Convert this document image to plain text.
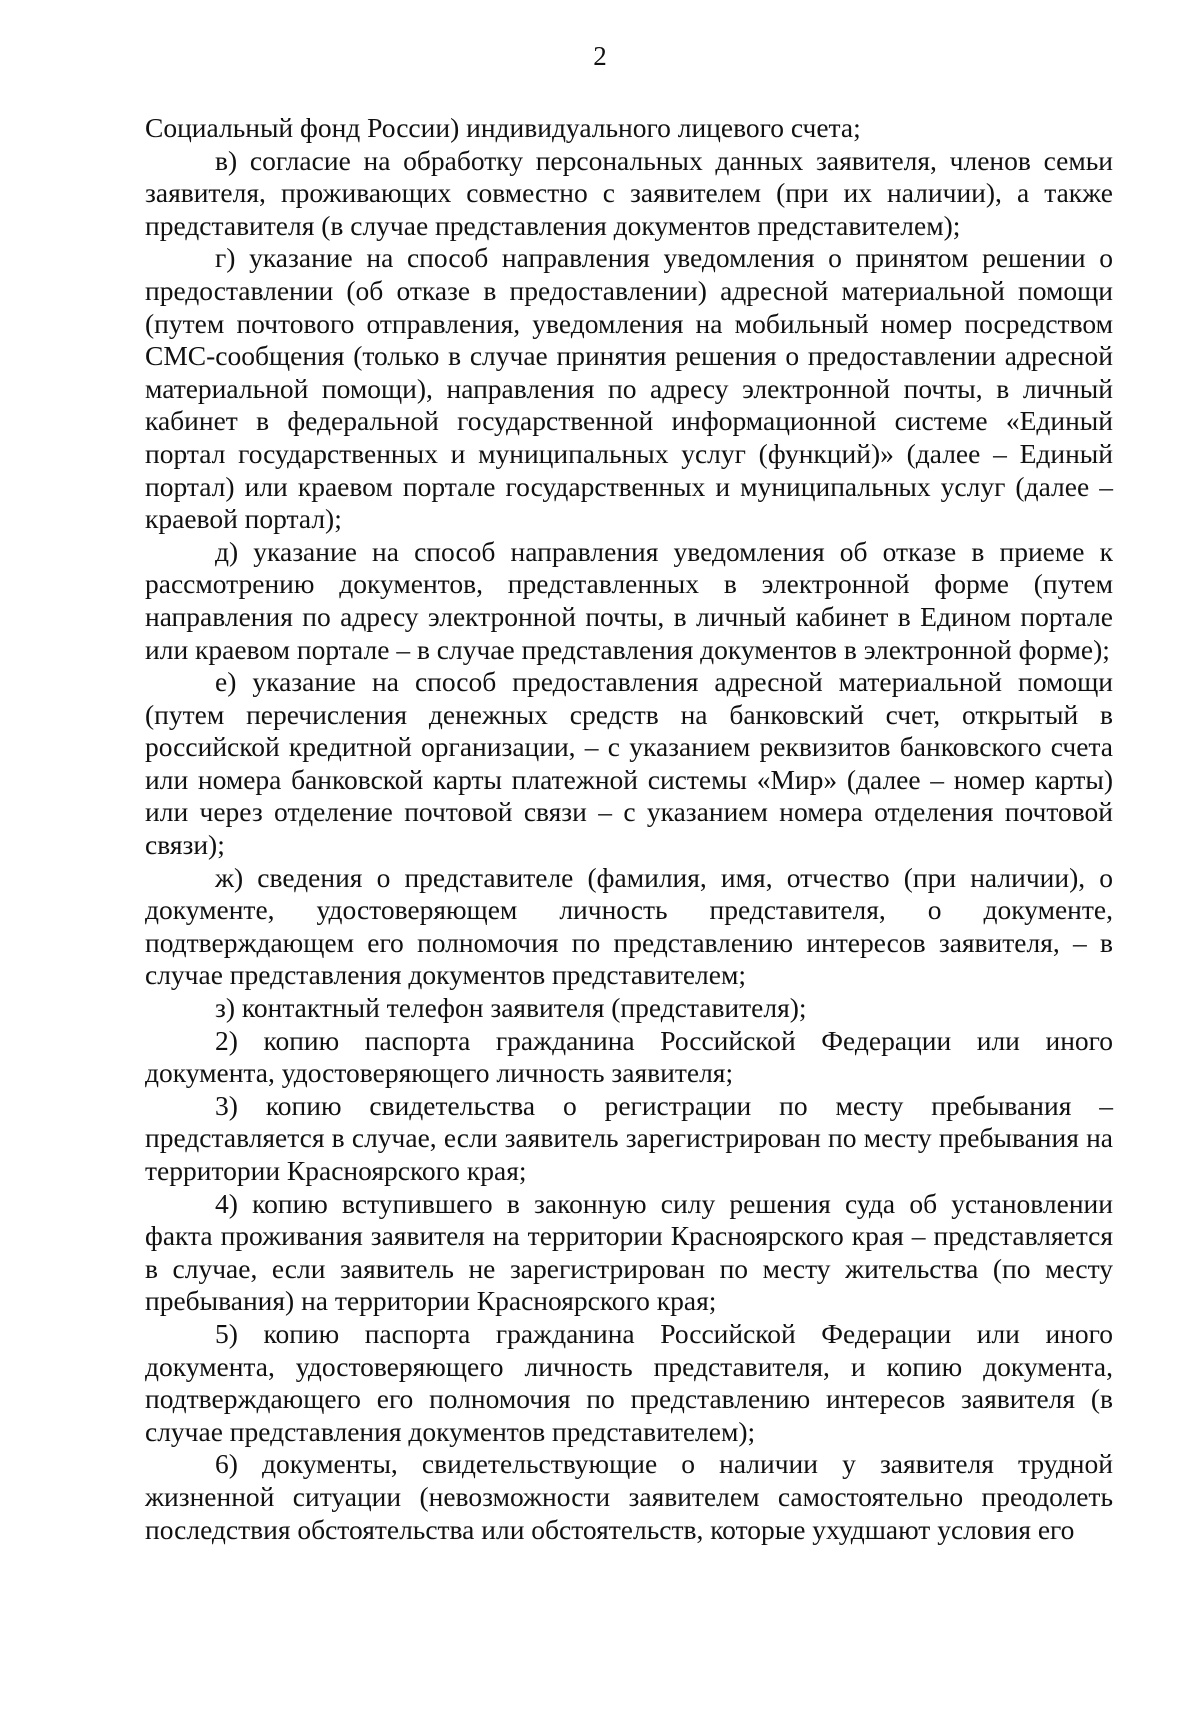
2

Социальный фонд России) индивидуального лицевого счета;

в) согласие на обработку персональных данных заявителя, членов семьи заявителя, проживающих совместно с заявителем (при их наличии), а также представителя (в случае представления документов представителем);

г) указание на способ направления уведомления о принятом решении о предоставлении (об отказе в предоставлении) адресной материальной помощи (путем почтового отправления, уведомления на мобильный номер посредством СМС-сообщения (только в случае принятия решения о предоставлении адресной материальной помощи), направления по адресу электронной почты, в личный кабинет в федеральной государственной информационной системе «Единый портал государственных и муниципальных услуг (функций)» (далее – Единый портал) или краевом портале государственных и муниципальных услуг (далее – краевой портал);

д) указание на способ направления уведомления об отказе в приеме к рассмотрению документов, представленных в электронной форме (путем направления по адресу электронной почты, в личный кабинет в Едином портале или краевом портале – в случае представления документов в электронной форме);

е) указание на способ предоставления адресной материальной помощи (путем перечисления денежных средств на банковский счет, открытый в российской кредитной организации, – с указанием реквизитов банковского счета или номера банковской карты платежной системы «Мир» (далее – номер карты) или через отделение почтовой связи – с указанием номера отделения почтовой связи);

ж) сведения о представителе (фамилия, имя, отчество (при наличии), о документе, удостоверяющем личность представителя, о документе, подтверждающем его полномочия по представлению интересов заявителя, – в случае представления документов представителем;

з) контактный телефон заявителя (представителя);

2) копию паспорта гражданина Российской Федерации или иного документа, удостоверяющего личность заявителя;

3) копию свидетельства о регистрации по месту пребывания – представляется в случае, если заявитель зарегистрирован по месту пребывания на территории Красноярского края;

4) копию вступившего в законную силу решения суда об установлении факта проживания заявителя на территории Красноярского края – представляется в случае, если заявитель не зарегистрирован по месту жительства (по месту пребывания) на территории Красноярского края;

5) копию паспорта гражданина Российской Федерации или иного документа, удостоверяющего личность представителя, и копию документа, подтверждающего его полномочия по представлению интересов заявителя (в случае представления документов представителем);

6) документы, свидетельствующие о наличии у заявителя трудной жизненной ситуации (невозможности заявителем самостоятельно преодолеть последствия обстоятельства или обстоятельств, которые ухудшают условия его
